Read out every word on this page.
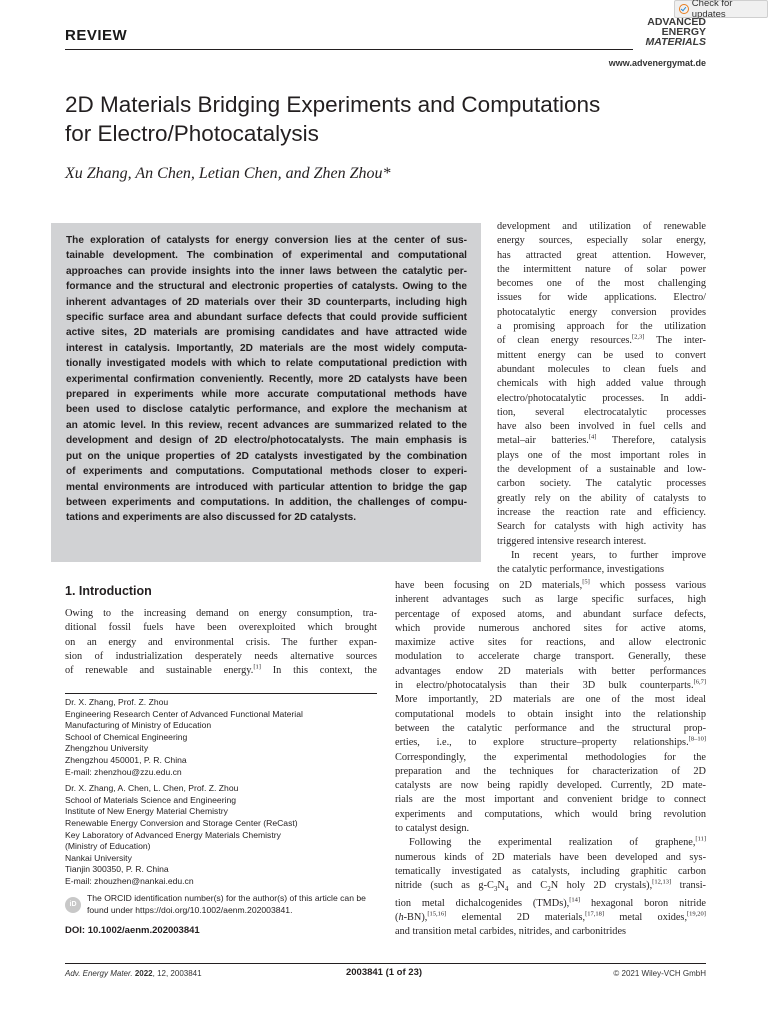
REVIEW
Check for updates
ADVANCED
ENERGY
MATERIALS
www.advenergymat.de
2D Materials Bridging Experiments and Computations
for Electro/Photocatalysis
Xu Zhang, An Chen, Letian Chen, and Zhen Zhou*

The exploration of catalysts for energy conversion lies at the center of sus-
tainable development. The combination of experimental and computational
approaches can provide insights into the inner laws between the catalytic per-
formance and the structural and electronic properties of catalysts. Owing to the
inherent advantages of 2D materials over their 3D counterparts, including high
specific surface area and abundant surface defects that could provide sufficient
active sites, 2D materials are promising candidates and have attracted wide
interest in catalysis. Importantly, 2D materials are the most widely computa-
tionally investigated models with which to relate computational prediction with
experimental confirmation conveniently. Recently, more 2D catalysts have been
prepared in experiments while more accurate computational methods have
been used to disclose catalytic performance, and explore the mechanism at
an atomic level. In this review, recent advances are summarized related to the
development and design of 2D electro/photocatalysts. The main emphasis is
put on the unique properties of 2D catalysts investigated by the combination
of experiments and computations. Computational methods closer to experi-
mental environments are introduced with particular attention to bridge the gap
between experiments and computations. In addition, the challenges of compu-
tations and experiments are also discussed for 2D catalysts.

development and utilization of renewable
energy sources, especially solar energy,
has attracted great attention. However,
the intermittent nature of solar power
becomes one of the most challenging
issues for wide applications. Electro/
photocatalytic energy conversion provides
a promising approach for the utilization
of clean energy resources.[2,3] The inter-
mittent energy can be used to convert
abundant molecules to clean fuels and
chemicals with high added value through
electro/photocatalytic processes. In addi-
tion, several electrocatalytic processes
have also been involved in fuel cells and
metal–air batteries.[4] Therefore, catalysis
plays one of the most important roles in
the development of a sustainable and low-
carbon society. The catalytic processes
greatly rely on the ability of catalysts to
increase the reaction rate and efficiency.
Search for catalysts with high activity has
triggered intensive research interest.
In recent years, to further improve
the catalytic performance, investigations
1. Introduction
Owing to the increasing demand on energy consumption, tra-
ditional fossil fuels have been overexploited which brought
on an energy and environmental crisis. The further expan-
sion of industrialization desperately needs alternative sources
of renewable and sustainable energy.[1] In this context, the
have been focusing on 2D materials,[5] which possess various
inherent advantages such as large specific surfaces, high
percentage of exposed atoms, and abundant surface defects,
which provide numerous anchored sites for active atoms,
maximize active sites for reactions, and allow electronic
modulation to accelerate charge transport. Generally, these
advantages endow 2D materials with better performances
in electro/photocatalysis than their 3D bulk counterparts.[6,7]
More importantly, 2D materials are one of the most ideal
computational models to obtain insight into the relationship
between the catalytic performance and the structural prop-
erties, i.e., to explore structure–property relationships.[8–10]
Correspondingly, the experimental methodologies for the
preparation and the techniques for characterization of 2D
catalysts are now being rapidly developed. Currently, 2D mate-
rials are the most important and convenient bridge to connect
experiments and computations, which would bring revolution
to catalyst design.
Following the experimental realization of graphene,[11]
numerous kinds of 2D materials have been developed and sys-
tematically investigated as catalysts, including graphitic carbon
nitride (such as $g-C_3N_4$ and $C_2N$ holy 2D crystals),[12,13] transi-
tion metal dichalcogenides (TMDs),[14] hexagonal boron nitride
(h-BN),[15,16] elemental 2D materials,[17,18] metal oxides,[19,20]
and transition metal carbides, nitrides, and carbonitrides
Dr. X. Zhang, Prof. Z. Zhou
Engineering Research Center of Advanced Functional Material
Manufacturing of Ministry of Education
School of Chemical Engineering
Zhengzhou University
Zhengzhou 450001, P. R. China
E-mail: zhenzhou@zzu.edu.cn
Dr. X. Zhang, A. Chen, L. Chen, Prof. Z. Zhou
School of Materials Science and Engineering
Institute of New Energy Material Chemistry
Renewable Energy Conversion and Storage Center (ReCast)
Key Laboratory of Advanced Energy Materials Chemistry
(Ministry of Education)
Nankai University
Tianjin 300350, P. R. China
E-mail: zhouzhen@nankai.edu.cn
iD
The ORCID identification number(s) for the author(s) of this article can be found under https://doi.org/10.1002/aenm.202003841.
DOI: 10.1002/aenm.202003841
Adv. Energy Mater. 2022, 12, 2003841	2003841 (1 of 23)	© 2021 Wiley-VCH GmbH
